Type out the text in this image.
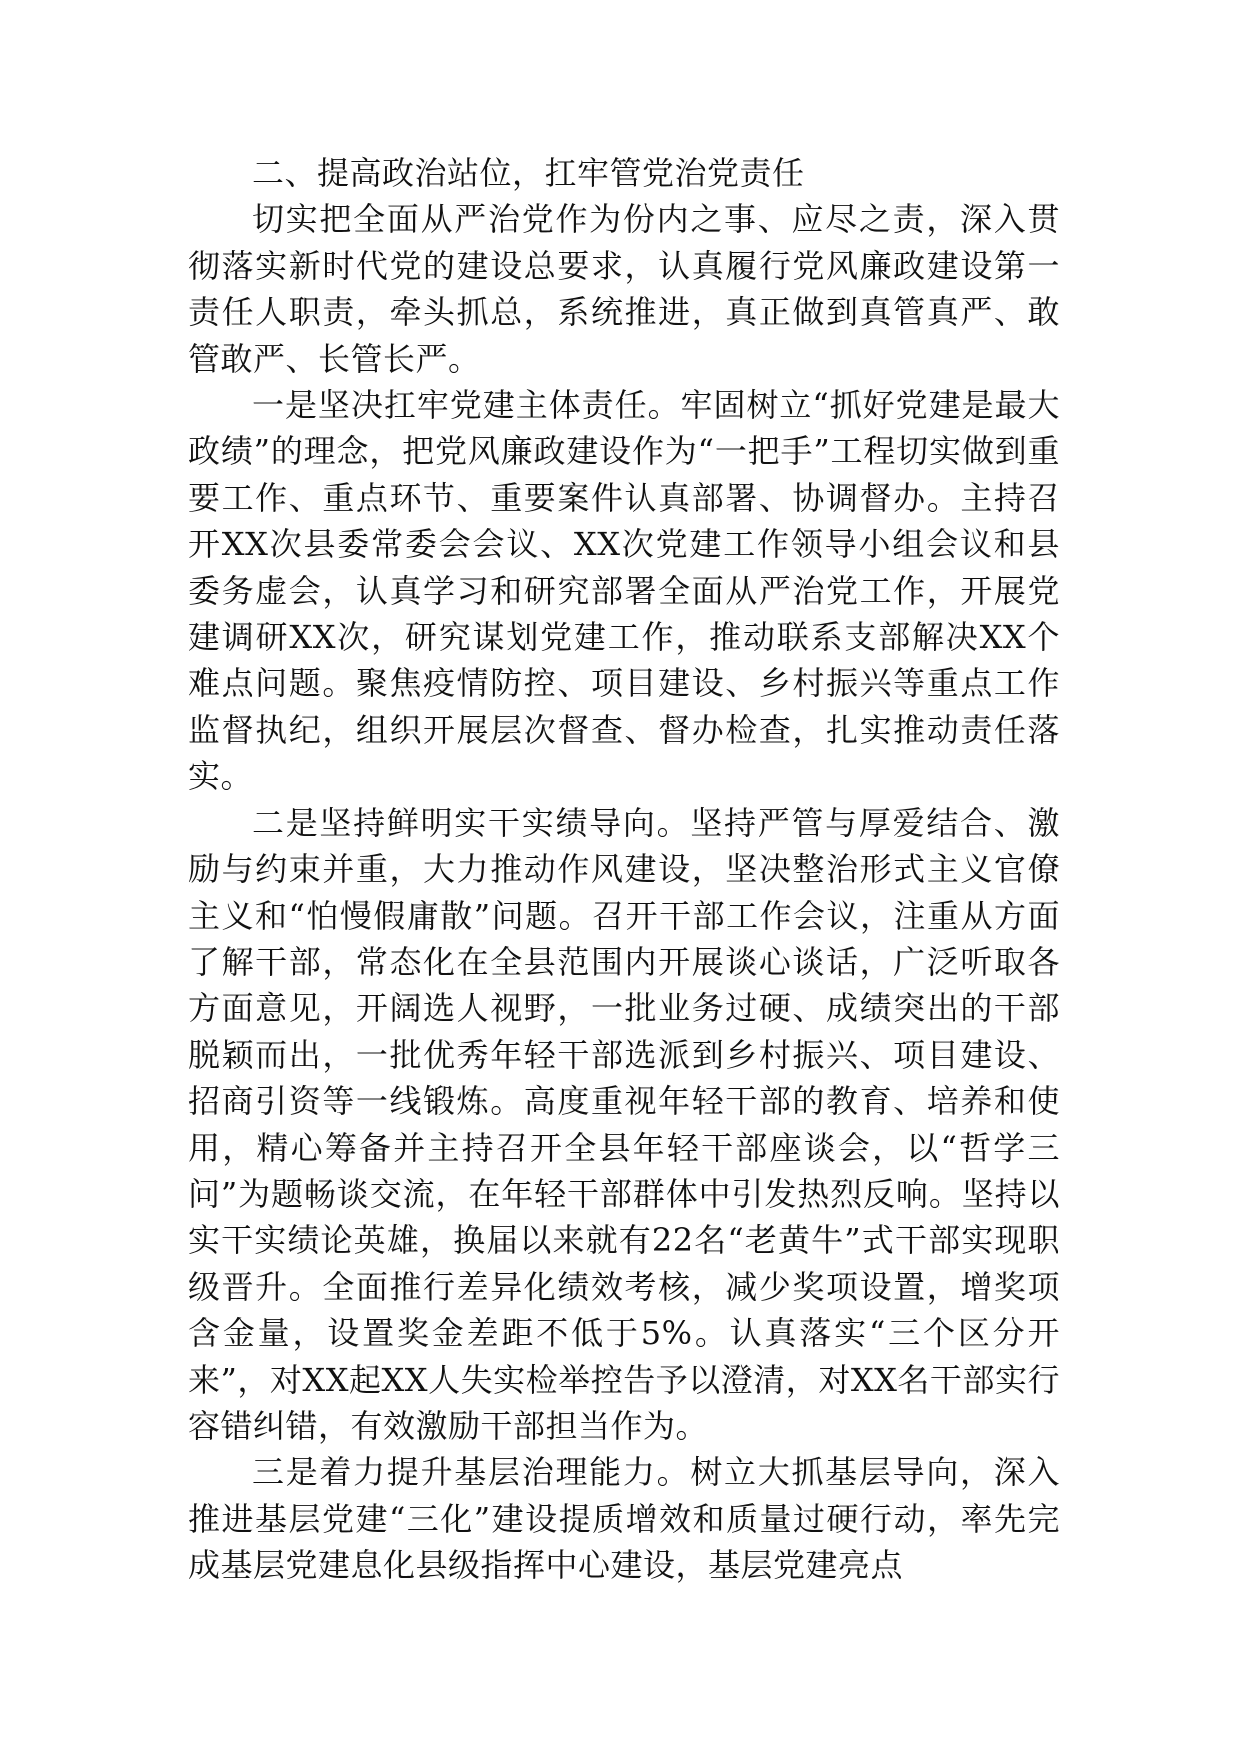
二、提高政治站位，扛牢管党治党责任

切实把全面从严治党作为份内之事、应尽之责，深入贯彻落实新时代党的建设总要求，认真履行党风廉政建设第一责任人职责，牵头抓总，系统推进，真正做到真管真严、敢管敢严、长管长严。

一是坚决扛牢党建主体责任。牢固树立“抓好党建是最大政绩”的理念，把党风廉政建设作为“一把手”工程切实做到重要工作、重点环节、重要案件认真部署、协调督办。主持召开XX次县委常委会会议、XX次党建工作领导小组会议和县委务虚会，认真学习和研究部署全面从严治党工作，开展党建调研XX次，研究谋划党建工作，推动联系支部解决XX个难点问题。聚焦疫情防控、项目建设、乡村振兴等重点工作监督执纪，组织开展层次督查、督办检查，扎实推动责任落实。

二是坚持鲜明实干实绩导向。坚持严管与厚爱结合、激励与约束并重，大力推动作风建设，坚决整治形式主义官僚主义和“怕慢假庸散”问题。召开干部工作会议，注重从方面了解干部，常态化在全县范围内开展谈心谈话，广泛听取各方面意见，开阔选人视野，一批业务过硬、成绩突出的干部脱颖而出，一批优秀年轻干部选派到乡村振兴、项目建设、招商引资等一线锻炼。高度重视年轻干部的教育、培养和使用，精心筹备并主持召开全县年轻干部座谈会，以“哲学三问”为题畅谈交流，在年轻干部群体中引发热烈反响。坚持以实干实绩论英雄，换届以来就有22名“老黄牛”式干部实现职级晋升。全面推行差异化绩效考核，减少奖项设置，增奖项含金量，设置奖金差距不低于5%。认真落实“三个区分开来”，对XX起XX人失实检举控告予以澄清，对XX名干部实行容错纠错，有效激励干部担当作为。

三是着力提升基层治理能力。树立大抓基层导向，深入推进基层党建“三化”建设提质增效和质量过硬行动，率先完成基层党建息化县级指挥中心建设，基层党建亮点
